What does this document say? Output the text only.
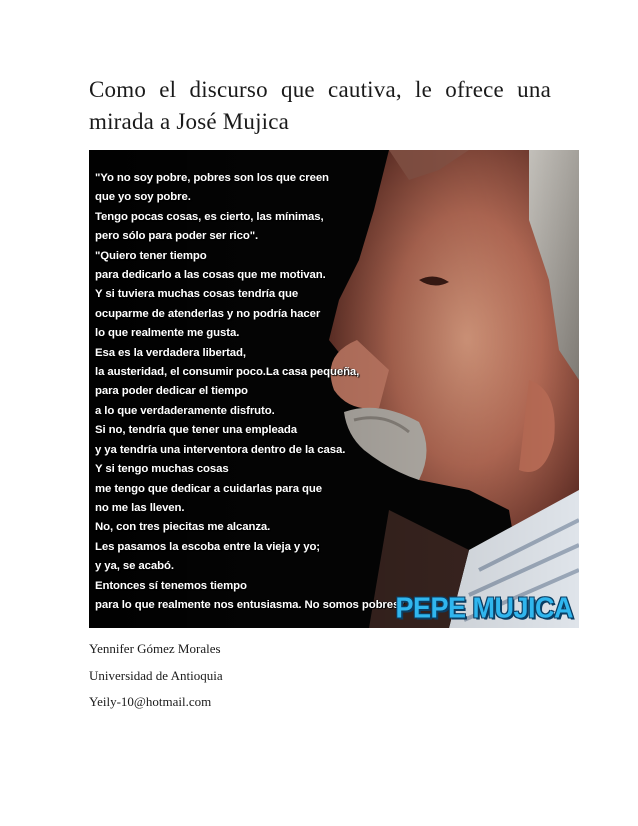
Como el discurso que cautiva, le ofrece una mirada a José Mujica
"Yo no soy pobre, pobres son los que creen
que yo soy pobre.
Tengo pocas cosas, es cierto, las mínimas,
pero sólo para poder ser rico".
"Quiero tener tiempo
para dedicarlo a las cosas que me motivan.
Y si tuviera muchas cosas tendría que
ocuparme de atenderlas y no podría hacer
lo que realmente me gusta.
Esa es la verdadera libertad,
la austeridad, el consumir poco.La casa pequeña,
para poder dedicar el tiempo
a lo que verdaderamente disfruto.
Si no, tendría que tener una empleada
y ya tendría una interventora dentro de la casa.
Y si tengo muchas cosas
me tengo que dedicar a cuidarlas para que
no me las lleven.
No, con tres piecitas me alcanza.
Les pasamos la escoba entre la vieja y yo;
y ya, se acabó.
Entonces sí tenemos tiempo
para lo que realmente nos entusiasma. No somos pobres".
PEPE MUJICA
Yennifer Gómez Morales
Universidad de Antioquia
Yeily-10@hotmail.com
